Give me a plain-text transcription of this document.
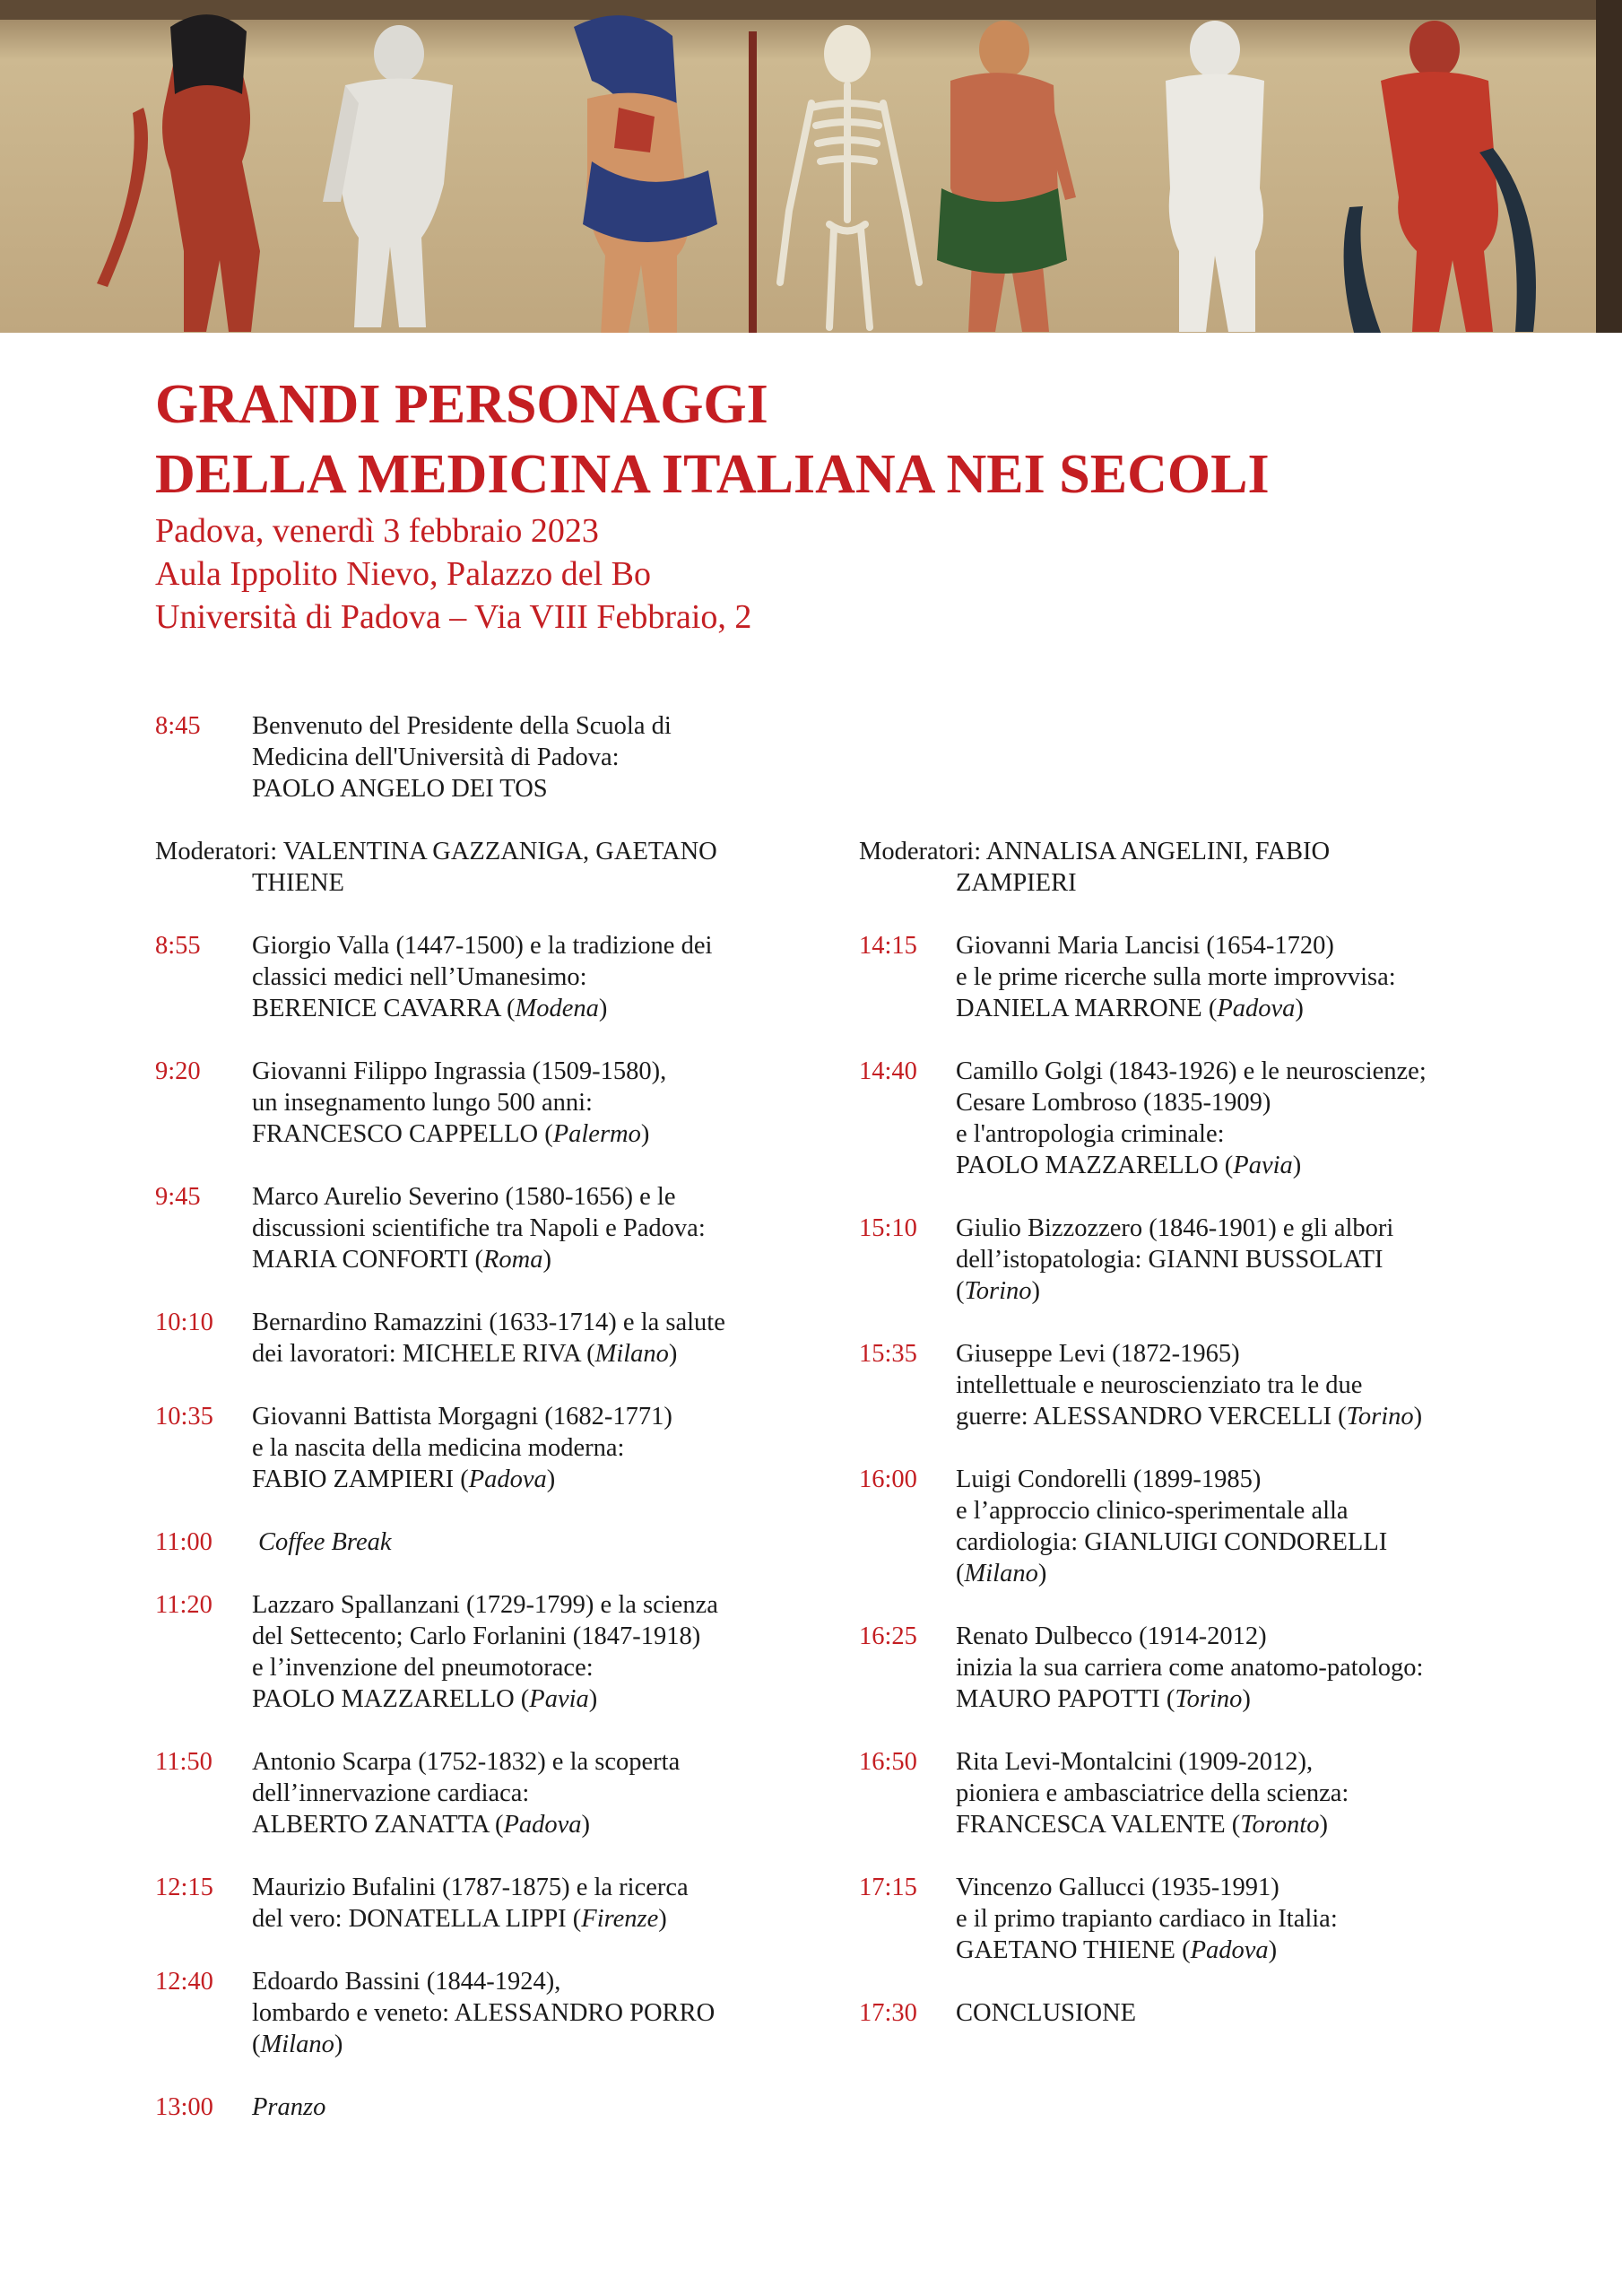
GRANDI PERSONAGGI
DELLA MEDICINA ITALIANA NEI SECOLI
Padova, venerdì 3 febbraio 2023
Aula Ippolito Nievo, Palazzo del Bo
Università di Padova – Via VIII Febbraio, 2
8:45 Benvenuto del Presidente della Scuola di
Medicina dell'Università di Padova:
PAOLO ANGELO DEI TOS
Moderatori: VALENTINA GAZZANIGA, GAETANO
THIENE
8:55 Giorgio Valla (1447-1500) e la tradizione dei
classici medici nell’Umanesimo:
BERENICE CAVARRA (Modena)
9:20 Giovanni Filippo Ingrassia (1509-1580),
un insegnamento lungo 500 anni:
FRANCESCO CAPPELLO (Palermo)
9:45 Marco Aurelio Severino (1580-1656) e le
discussioni scientifiche tra Napoli e Padova:
MARIA CONFORTI (Roma)
10:10 Bernardino Ramazzini (1633-1714) e la salute
dei lavoratori: MICHELE RIVA (Milano)
10:35 Giovanni Battista Morgagni (1682-1771)
e la nascita della medicina moderna:
FABIO ZAMPIERI (Padova)
11:00 Coffee Break
11:20 Lazzaro Spallanzani (1729-1799) e la scienza
del Settecento; Carlo Forlanini (1847-1918)
e l’invenzione del pneumotorace:
PAOLO MAZZARELLO (Pavia)
11:50 Antonio Scarpa (1752-1832) e la scoperta
dell’innervazione cardiaca:
ALBERTO ZANATTA (Padova)
12:15 Maurizio Bufalini (1787-1875) e la ricerca
del vero: DONATELLA LIPPI (Firenze)
12:40 Edoardo Bassini (1844-1924),
lombardo e veneto: ALESSANDRO PORRO
(Milano)
13:00 Pranzo
Moderatori: ANNALISA ANGELINI, FABIO
ZAMPIERI
14:15 Giovanni Maria Lancisi (1654-1720)
e le prime ricerche sulla morte improvvisa:
DANIELA MARRONE (Padova)
14:40 Camillo Golgi (1843-1926) e le neuroscienze;
Cesare Lombroso (1835-1909)
e l'antropologia criminale:
PAOLO MAZZARELLO (Pavia)
15:10 Giulio Bizzozzero (1846-1901) e gli albori
dell’istopatologia: GIANNI BUSSOLATI
(Torino)
15:35 Giuseppe Levi (1872-1965)
intellettuale e neuroscienziato tra le due
guerre: ALESSANDRO VERCELLI (Torino)
16:00 Luigi Condorelli (1899-1985)
e l’approccio clinico-sperimentale alla
cardiologia: GIANLUIGI CONDORELLI
(Milano)
16:25 Renato Dulbecco (1914-2012)
inizia la sua carriera come anatomo-patologo:
MAURO PAPOTTI (Torino)
16:50 Rita Levi-Montalcini (1909-2012),
pioniera e ambasciatrice della scienza:
FRANCESCA VALENTE (Toronto)
17:15 Vincenzo Gallucci (1935-1991)
e il primo trapianto cardiaco in Italia:
GAETANO THIENE (Padova)
17:30 CONCLUSIONE
